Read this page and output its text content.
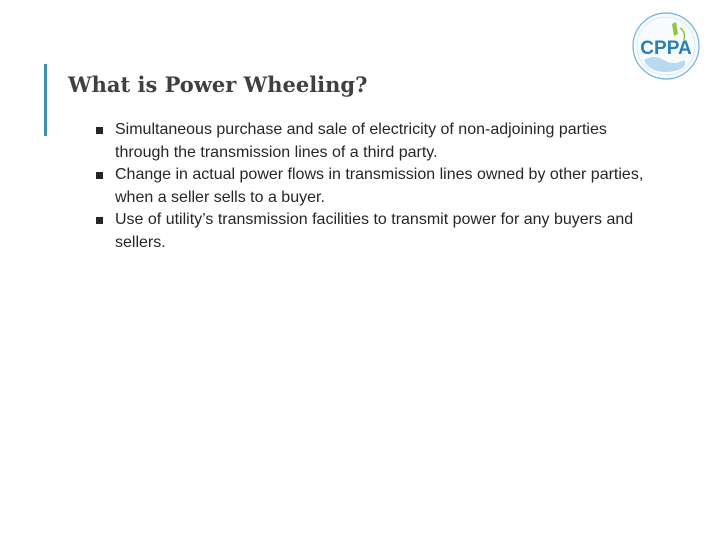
What is Power Wheeling?
CPPA
Simultaneous purchase and sale of electricity of non-adjoining parties through the transmission lines of a third party.
Change in actual power flows in transmission lines owned by other parties, when a seller sells to a buyer.
Use of utility’s transmission facilities to transmit power for any buyers and sellers.
